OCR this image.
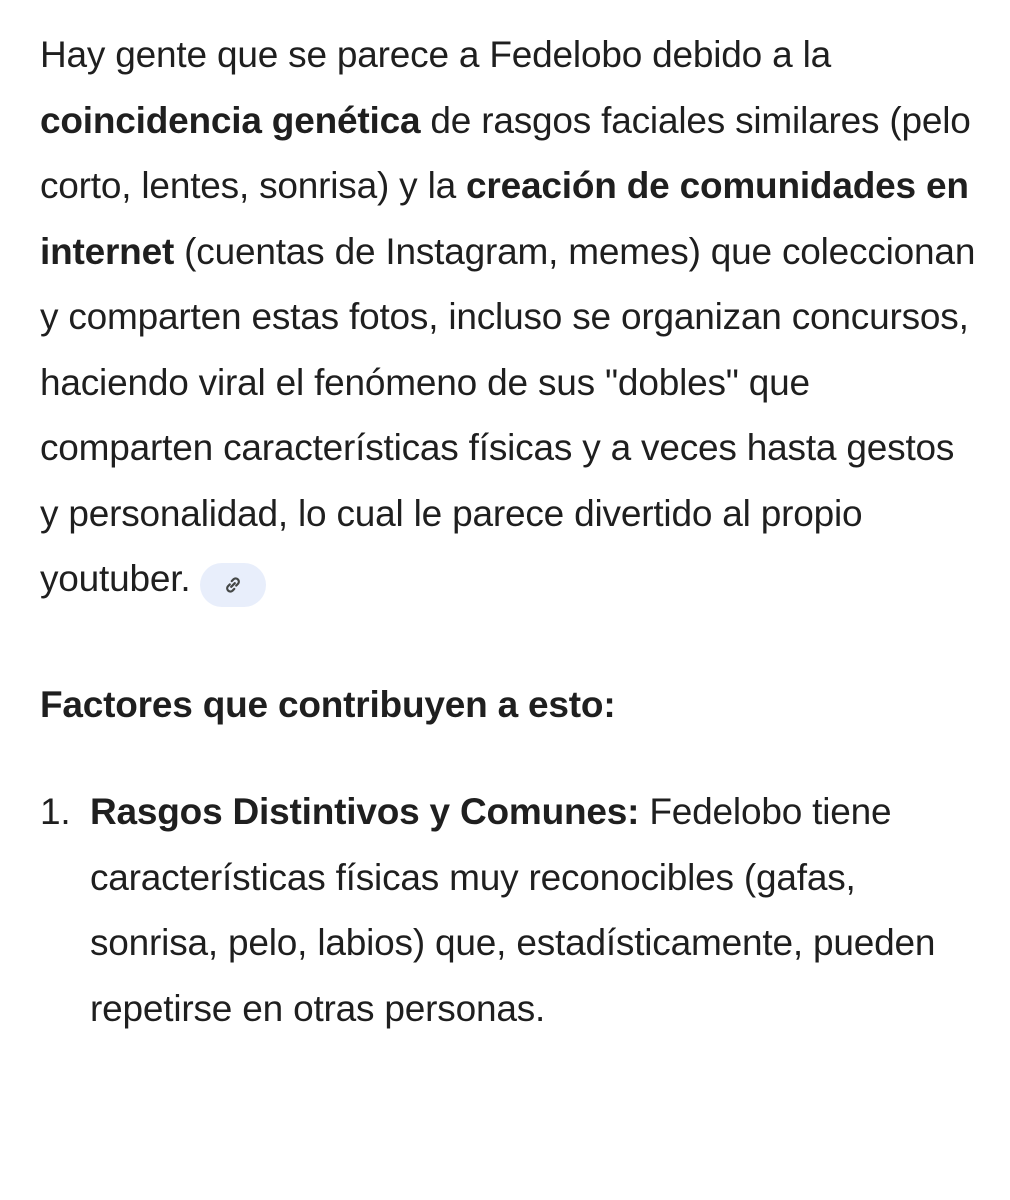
Hay gente que se parece a Fedelobo debido a la coincidencia genética de rasgos faciales similares (pelo corto, lentes, sonrisa) y la creación de comunidades en internet (cuentas de Instagram, memes) que coleccionan y comparten estas fotos, incluso se organizan concursos, haciendo viral el fenómeno de sus "dobles" que comparten características físicas y a veces hasta gestos y personalidad, lo cual le parece divertido al propio youtuber.

Factores que contribuyen a esto:
1. Rasgos Distintivos y Comunes: Fedelobo tiene características físicas muy reconocibles (gafas, sonrisa, pelo, labios) que, estadísticamente, pueden repetirse en otras personas.
